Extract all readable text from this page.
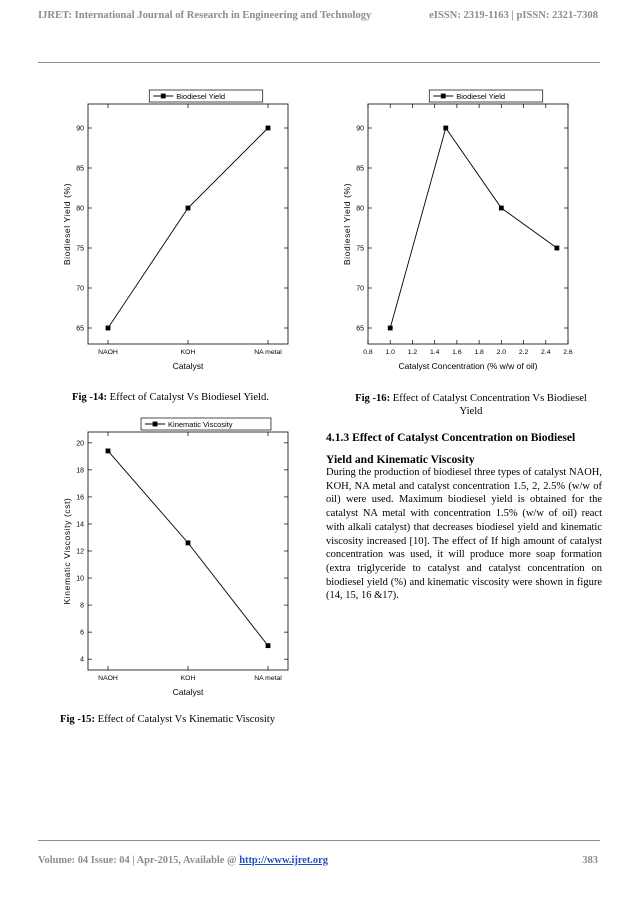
IJRET: International Journal of Research in Engineering and Technology	eISSN: 2319-1163 | pISSN: 2321-7308
65
70
75
80
85
90
NAOH	KOH	NA metal
Catalyst
Biodiesel Yield (%)
Biodiesel Yield
65
70
75
80
85
90
0.8 1.0 1.2 1.4 1.6 1.8 2.0 2.2 2.4 2.6
Catalyst Concentration (% w/w of oil)
Biodiesel Yield (%)
Biodiesel Yield
4
6
8
10
12
14
16
18
20
NAOH	KOH	NA metal
Catalyst
Kinematic Viscosity (cst)
Kinematic Viscosity
Fig -14: Effect of Catalyst Vs Biodiesel Yield.	Fig -16: Effect of Catalyst Concentration Vs Biodiesel Yield
Fig -15: Effect of Catalyst Vs Kinematic Viscosity
4.1.3 Effect of Catalyst Concentration on Biodiesel Yield and Kinematic Viscosity
During the production of biodiesel three types of catalyst NAOH, KOH, NA metal and catalyst concentration 1.5, 2, 2.5% (w/w of oil) were used. Maximum biodiesel yield is obtained for the catalyst NA metal with concentration 1.5% (w/w of oil) react with alkali catalyst) that decreases biodiesel yield and kinematic viscosity increased [10]. The effect of If high amount of catalyst concentration was used, it will produce more soap formation (extra triglyceride to catalyst and catalyst concentration on biodiesel yield (%) and kinematic viscosity were shown in figure (14, 15, 16 &17).
Volume: 04 Issue: 04 | Apr-2015, Available @ http://www.ijret.org	383
